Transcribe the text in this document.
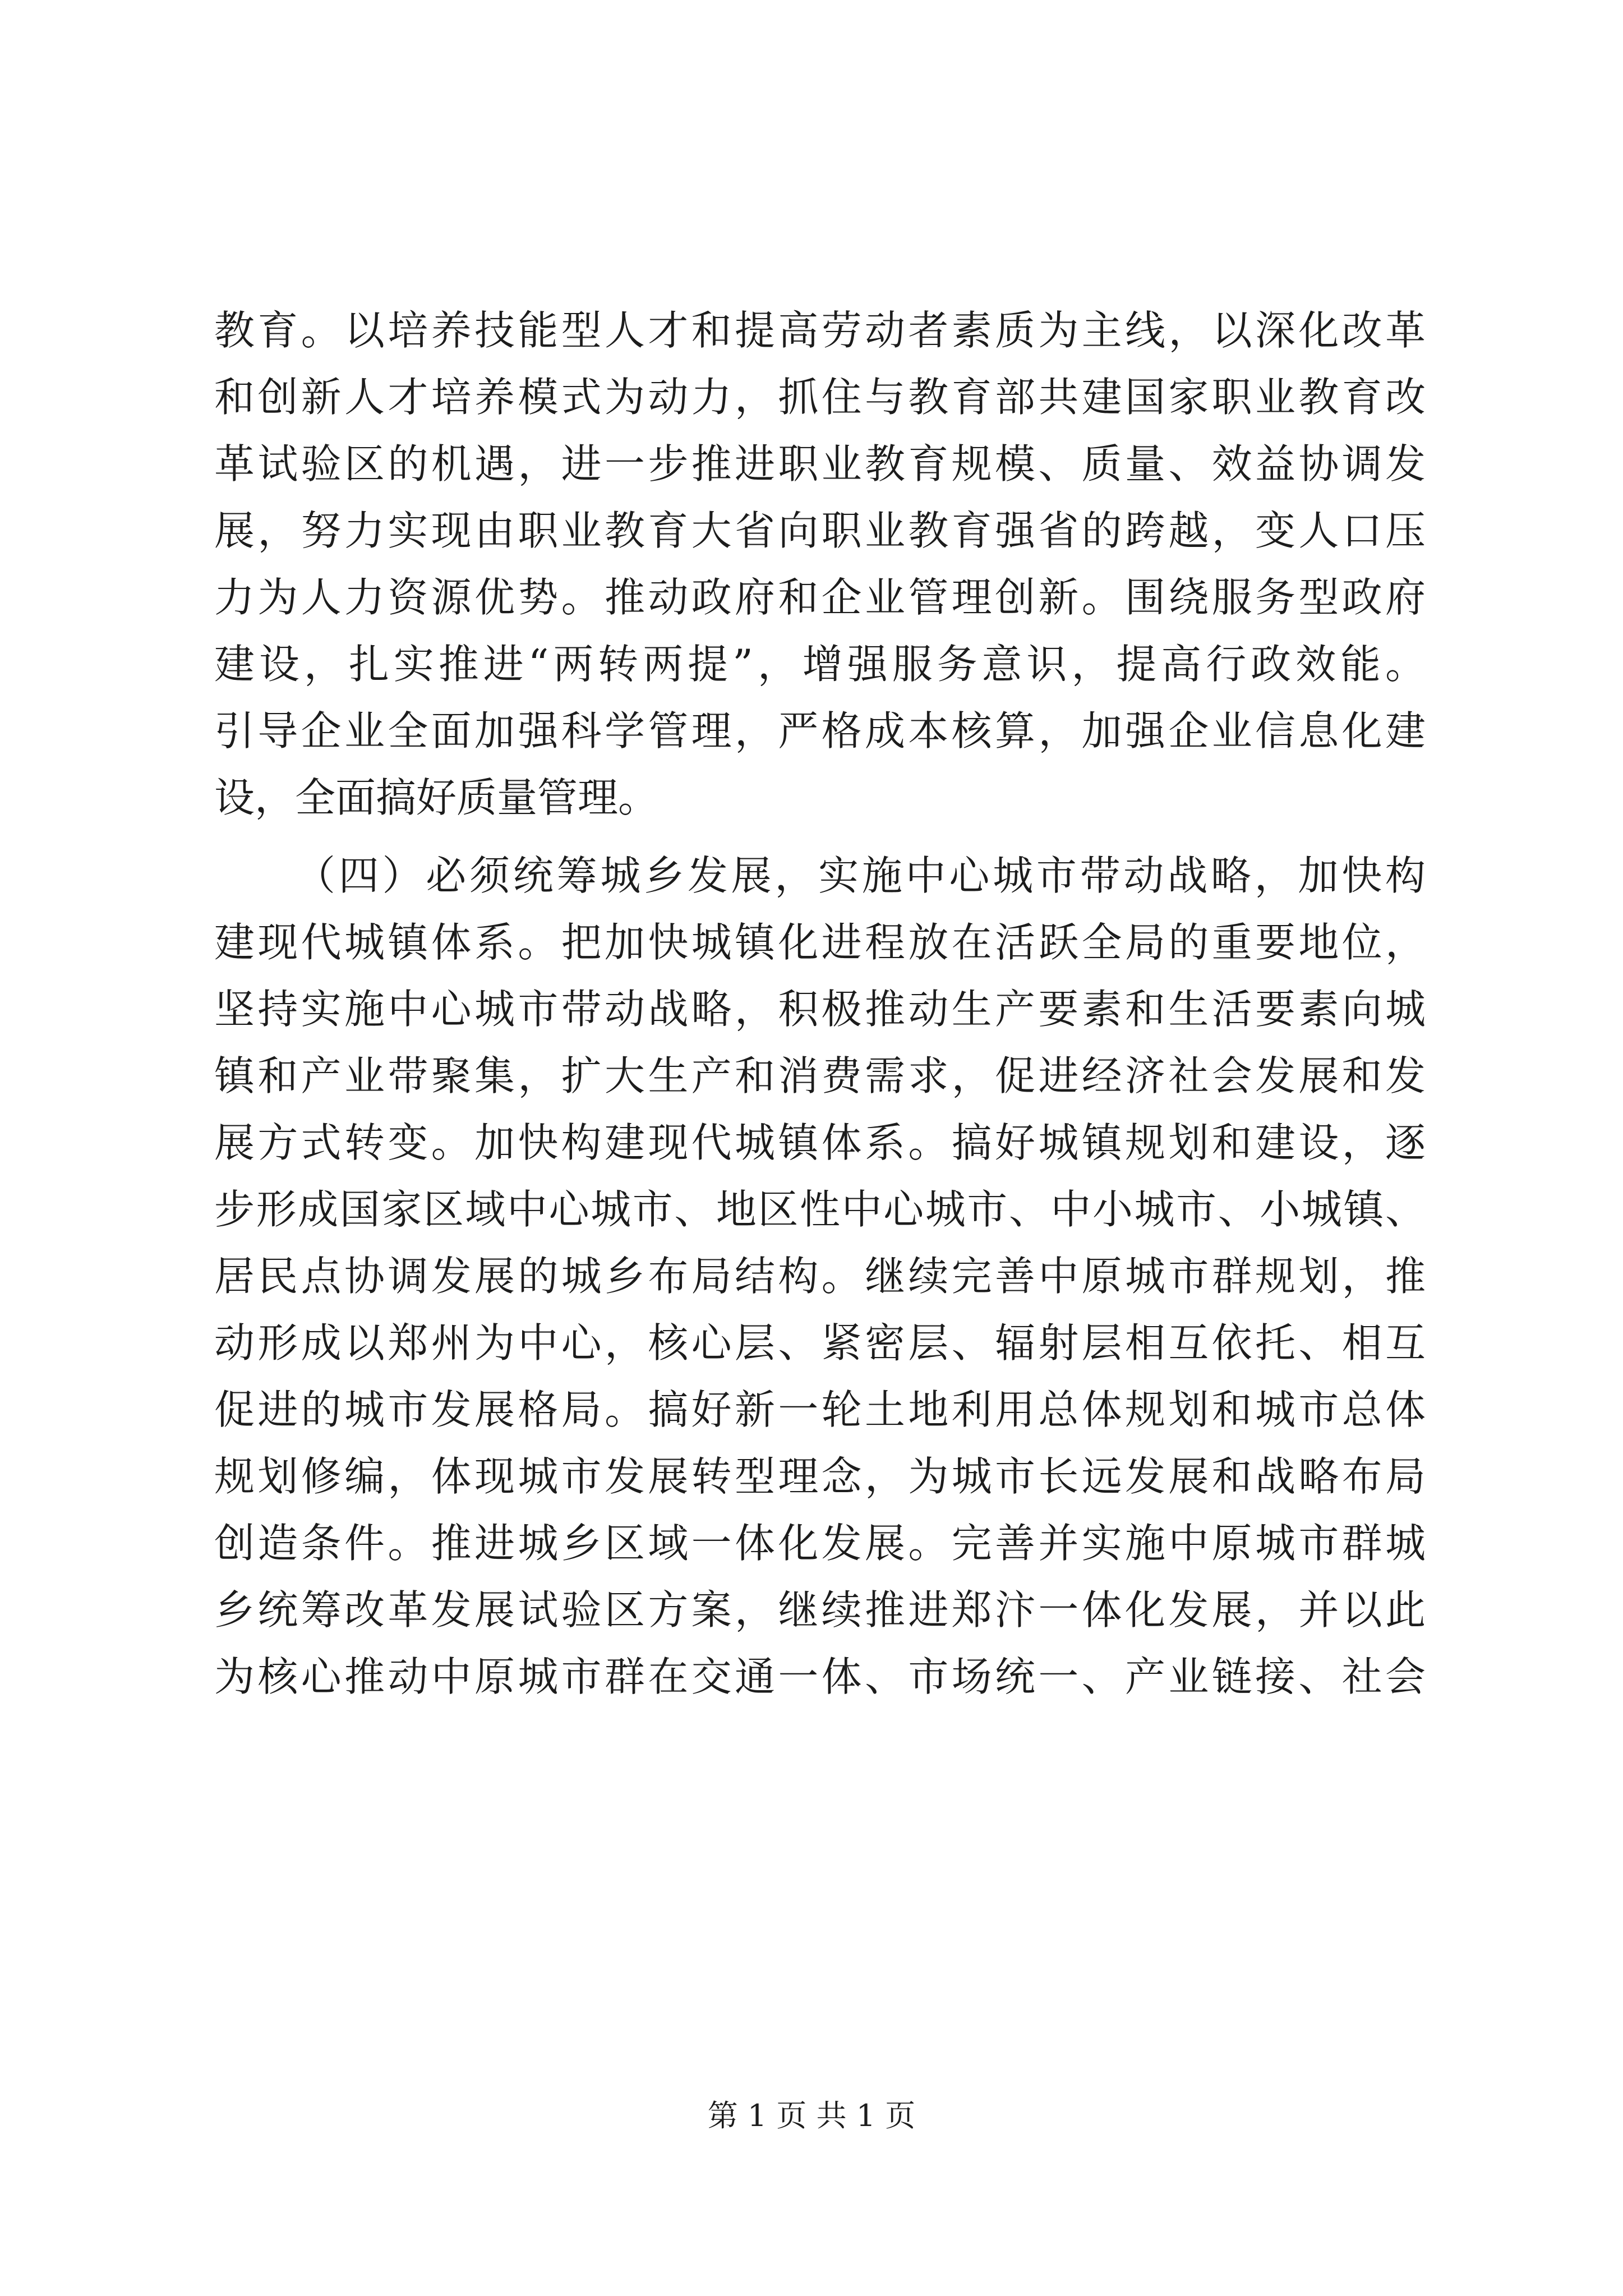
教育。以培养技能型人才和提高劳动者素质为主线，以深化改革
和创新人才培养模式为动力，抓住与教育部共建国家职业教育改
革试验区的机遇，进一步推进职业教育规模、质量、效益协调发
展，努力实现由职业教育大省向职业教育强省的跨越，变人口压
力为人力资源优势。推动政府和企业管理创新。围绕服务型政府
建设，扎实推进“两转两提”，增强服务意识，提高行政效能。
引导企业全面加强科学管理，严格成本核算，加强企业信息化建
设，全面搞好质量管理。
（四）必须统筹城乡发展，实施中心城市带动战略，加快构
建现代城镇体系。把加快城镇化进程放在活跃全局的重要地位，
坚持实施中心城市带动战略，积极推动生产要素和生活要素向城
镇和产业带聚集，扩大生产和消费需求，促进经济社会发展和发
展方式转变。加快构建现代城镇体系。搞好城镇规划和建设，逐
步形成国家区域中心城市、地区性中心城市、中小城市、小城镇、
居民点协调发展的城乡布局结构。继续完善中原城市群规划，推
动形成以郑州为中心，核心层、紧密层、辐射层相互依托、相互
促进的城市发展格局。搞好新一轮土地利用总体规划和城市总体
规划修编，体现城市发展转型理念，为城市长远发展和战略布局
创造条件。推进城乡区域一体化发展。完善并实施中原城市群城
乡统筹改革发展试验区方案，继续推进郑汴一体化发展，并以此
为核心推动中原城市群在交通一体、市场统一、产业链接、社会
第 1 页 共 1 页
